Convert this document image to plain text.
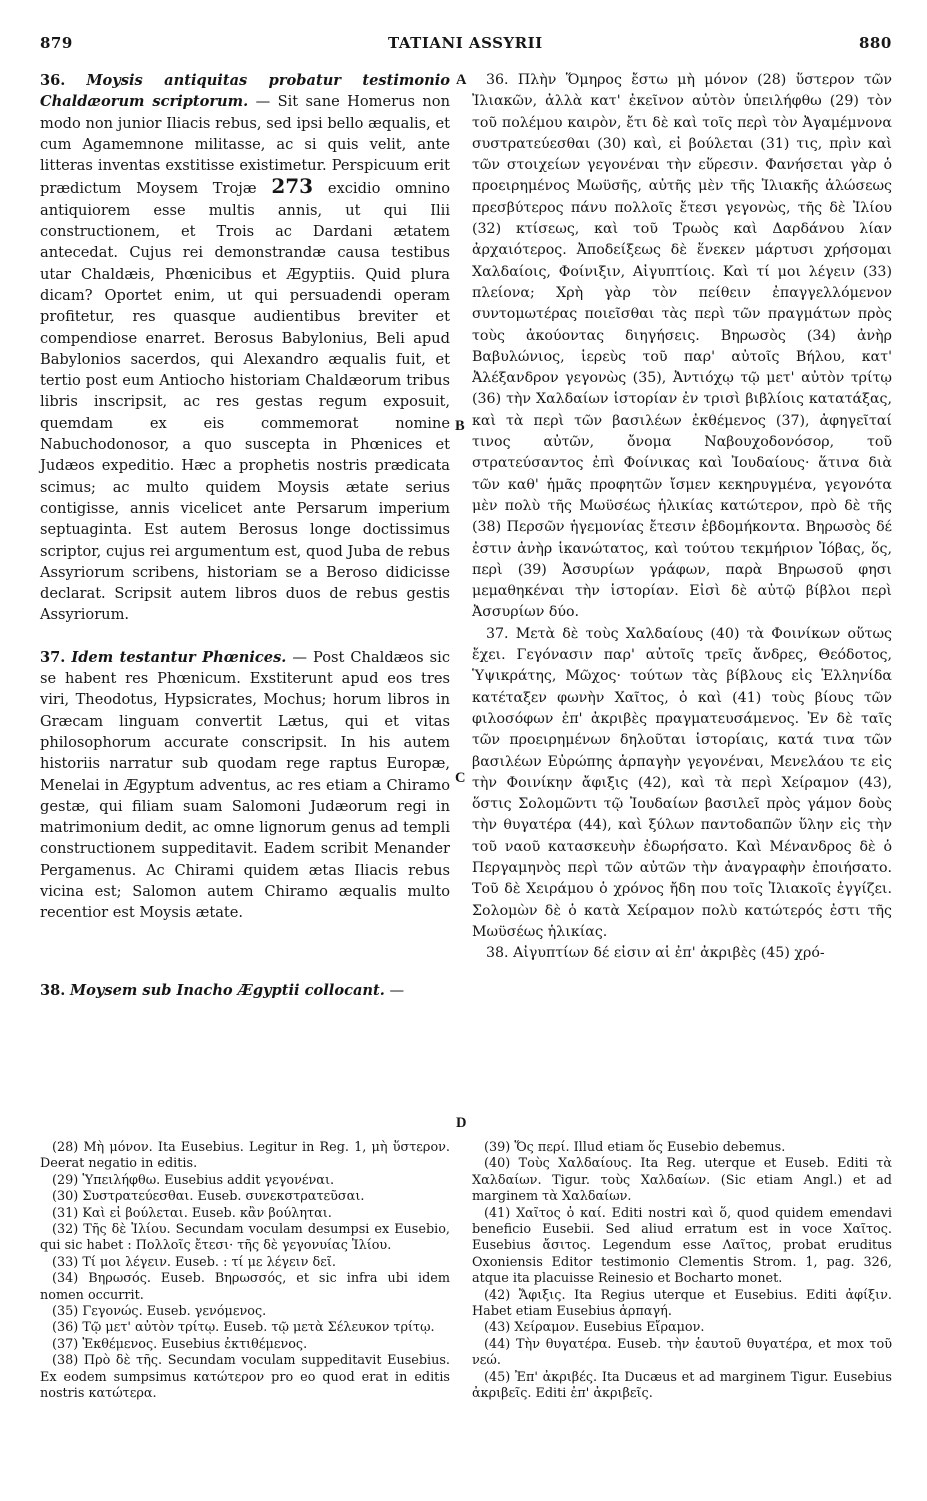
879	TATIANI ASSYRII	880
A
B
C
D

36. Moysis antiquitas probatur testimonio Chaldæorum scriptorum. — Sit sane Homerus non modo non junior Iliacis rebus, sed ipsi bello æqualis, et cum Agamemnone militasse, ac si quis velit, ante litteras inventas exstitisse existimetur. Perspicuum erit prædictum Moysem Trojæ 273 excidio omnino antiquiorem esse multis annis, ut qui Ilii constructionem, et Trois ac Dardani ætatem antecedat. Cujus rei demonstrandæ causa testibus utar Chaldæis, Phœnicibus et Ægyptiis. Quid plura dicam? Oportet enim, ut qui persuadendi operam profitetur, res quasque audientibus breviter et compendiose enarret. Berosus Babylonius, Beli apud Babylonios sacerdos, qui Alexandro æqualis fuit, et tertio post eum Antiocho historiam Chaldæorum tribus libris inscripsit, ac res gestas regum exposuit, quemdam ex eis commemorat nomine Nabuchodonosor, a quo suscepta in Phœnices et Judæos expeditio. Hæc a prophetis nostris prædicata scimus; ac multo quidem Moysis ætate serius contigisse, annis vicelicet ante Persarum imperium septuaginta. Est autem Berosus longe doctissimus scriptor, cujus rei argumentum est, quod Juba de rebus Assyriorum scribens, historiam se a Beroso didicisse declarat. Scripsit autem libros duos de rebus gestis Assyriorum.

37. Idem testantur Phœnices. — Post Chaldæos sic se habent res Phœnicum. Exstiterunt apud eos tres viri, Theodotus, Hypsicrates, Mochus; horum libros in Græcam linguam convertit Lætus, qui et vitas philosophorum accurate conscripsit. In his autem historiis narratur sub quodam rege raptus Europæ, Menelai in Ægyptum adventus, ac res etiam a Chiramo gestæ, qui filiam suam Salomoni Judæorum regi in matrimonium dedit, ac omne lignorum genus ad templi constructionem suppeditavit. Eadem scribit Menander Pergamenus. Ac Chirami quidem ætas Iliacis rebus vicina est; Salomon autem Chiramo æqualis multo recentior est Moysis ætate.

38. Moysem sub Inacho Ægyptii collocant. —

36. Πλὴν Ὅμηρος ἔστω μὴ μόνον (28) ὕστερον τῶν Ἰλιακῶν, ἀλλὰ κατ' ἐκεῖνον αὐτὸν ὑπειλήφθω (29) τὸν τοῦ πολέμου καιρὸν, ἔτι δὲ καὶ τοῖς περὶ τὸν Ἀγαμέμνονα συστρατεύεσθαι (30) καὶ, εἰ βούλεται (31) τις, πρὶν καὶ τῶν στοιχείων γεγονέναι τὴν εὕρεσιν. Φανήσεται γὰρ ὁ προειρημένος Μωϋσῆς, αὐτῆς μὲν τῆς Ἰλιακῆς ἁλώσεως πρεσβύτερος πάνυ πολλοῖς ἔτεσι γεγονὼς, τῆς δὲ Ἰλίου (32) κτίσεως, καὶ τοῦ Τρωὸς καὶ Δαρδάνου λίαν ἀρχαιότερος. Ἀποδείξεως δὲ ἕνεκεν μάρτυσι χρήσομαι Χαλδαίοις, Φοίνιξιν, Αἰγυπτίοις. Καὶ τί μοι λέγειν (33) πλείονα; Χρὴ γὰρ τὸν πείθειν ἐπαγγελλόμενον συντομωτέρας ποιεῖσθαι τὰς περὶ τῶν πραγμάτων πρὸς τοὺς ἀκούοντας διηγήσεις. Βηρωσὸς (34) ἀνὴρ Βαβυλώνιος, ἱερεὺς τοῦ παρ' αὐτοῖς Βήλου, κατ' Ἀλέξανδρον γεγονὼς (35), Ἀντιόχῳ τῷ μετ' αὐτὸν τρίτῳ (36) τὴν Χαλδαίων ἱστορίαν ἐν τρισὶ βιβλίοις κατατάξας, καὶ τὰ περὶ τῶν βασιλέων ἐκθέμενος (37), ἀφηγεῖταί τινος αὐτῶν, ὄνομα Ναβουχοδονόσορ, τοῦ στρατεύσαντος ἐπὶ Φοίνικας καὶ Ἰουδαίους· ἅτινα διὰ τῶν καθ' ἡμᾶς προφητῶν ἴσμεν κεκηρυγμένα, γεγονότα μὲν πολὺ τῆς Μωϋσέως ἡλικίας κατώτερον, πρὸ δὲ τῆς (38) Περσῶν ἡγεμονίας ἔτεσιν ἑβδομήκοντα. Βηρωσὸς δέ ἐστιν ἀνὴρ ἱκανώτατος, καὶ τούτου τεκμήριον Ἰόβας, ὅς, περὶ (39) Ἀσσυρίων γράφων, παρὰ Βηρωσοῦ φησι μεμαθηκέναι τὴν ἱστορίαν. Εἰσὶ δὲ αὐτῷ βίβλοι περὶ Ἀσσυρίων δύο.

37. Μετὰ δὲ τοὺς Χαλδαίους (40) τὰ Φοινίκων οὕτως ἔχει. Γεγόνασιν παρ' αὐτοῖς τρεῖς ἄνδρες, Θεόδοτος, Ὑψικράτης, Μῶχος· τούτων τὰς βίβλους εἰς Ἑλληνίδα κατέταξεν φωνὴν Χαῖτος, ὁ καὶ (41) τοὺς βίους τῶν φιλοσόφων ἐπ' ἀκριβὲς πραγματευσάμενος. Ἐν δὲ ταῖς τῶν προειρημένων δηλοῦται ἱστορίαις, κατά τινα τῶν βασιλέων Εὐρώπης ἁρπαγὴν γεγονέναι, Μενελάου τε εἰς τὴν Φοινίκην ἄφιξις (42), καὶ τὰ περὶ Χείραμον (43), ὅστις Σολομῶντι τῷ Ἰουδαίων βασιλεῖ πρὸς γάμον δοὺς τὴν θυγατέρα (44), καὶ ξύλων παντοδαπῶν ὕλην εἰς τὴν τοῦ ναοῦ κατασκευὴν ἐδωρήσατο. Καὶ Μένανδρος δὲ ὁ Περγαμηνὸς περὶ τῶν αὐτῶν τὴν ἀναγραφὴν ἐποιήσατο. Τοῦ δὲ Χειράμου ὁ χρόνος ἤδη που τοῖς Ἰλιακοῖς ἐγγίζει. Σολομὼν δὲ ὁ κατὰ Χείραμον πολὺ κατώτερός ἐστι τῆς Μωϋσέως ἡλικίας.

38. Αἰγυπτίων δέ εἰσιν αἱ ἐπ' ἀκριβὲς (45) χρό-

(28) Μὴ μόνον. Ita Eusebius. Legitur in Reg. 1, μὴ ὕστερον. Deerat negatio in editis.

(29) Ὑπειλήφθω. Eusebius addit γεγονέναι.

(30) Συστρατεύεσθαι. Euseb. συνεκστρατεῦσαι.

(31) Καὶ εἰ βούλεται. Euseb. κἂν βούληται.

(32) Τῆς δὲ Ἰλίου. Secundam voculam desumpsi ex Eusebio, qui sic habet : Πολλοῖς ἔτεσι· τῆς δὲ γεγονυίας Ἰλίου.

(33) Τί μοι λέγειν. Euseb. : τί με λέγειν δεῖ.

(34) Βηρωσός. Euseb. Βηρωσσός, et sic infra ubi idem nomen occurrit.

(35) Γεγονώς. Euseb. γενόμενος.

(36) Τῷ μετ' αὐτὸν τρίτῳ. Euseb. τῷ μετὰ Σέλευκον τρίτῳ.

(37) Ἐκθέμενος. Eusebius ἐκτιθέμενος.

(38) Πρὸ δὲ τῆς. Secundam voculam suppeditavit Eusebius. Ex eodem sumpsimus κατώτερον pro eo quod erat in editis nostris κατώτερα.

(39) Ὅς περί. Illud etiam ὅς Eusebio debemus.

(40) Τοὺς Χαλδαίους. Ita Reg. uterque et Euseb. Editi τὰ Χαλδαίων. Tigur. τοὺς Χαλδαίων. (Sic etiam Angl.) et ad marginem τὰ Χαλδαίων.

(41) Χαῖτος ὁ καί. Editi nostri καὶ ὅ, quod quidem emendavi beneficio Eusebii. Sed aliud erratum est in voce Χαῖτος. Eusebius ἄσιτος. Legendum esse Λαῖτος, probat eruditus Oxoniensis Editor testimonio Clementis Strom. 1, pag. 326, atque ita placuisse Reinesio et Bocharto monet.

(42) Ἄφιξις. Ita Regius uterque et Eusebius. Editi ἀφίξιν. Habet etiam Eusebius ἁρπαγή.

(43) Χείραμον. Eusebius Εἴραμον.

(44) Τὴν θυγατέρα. Euseb. τὴν ἑαυτοῦ θυγατέρα, et mox τοῦ νεώ.

(45) Ἐπ' ἀκριβές. Ita Ducæus et ad marginem Tigur. Eusebius ἀκριβεῖς. Editi ἐπ' ἀκριβεῖς.
